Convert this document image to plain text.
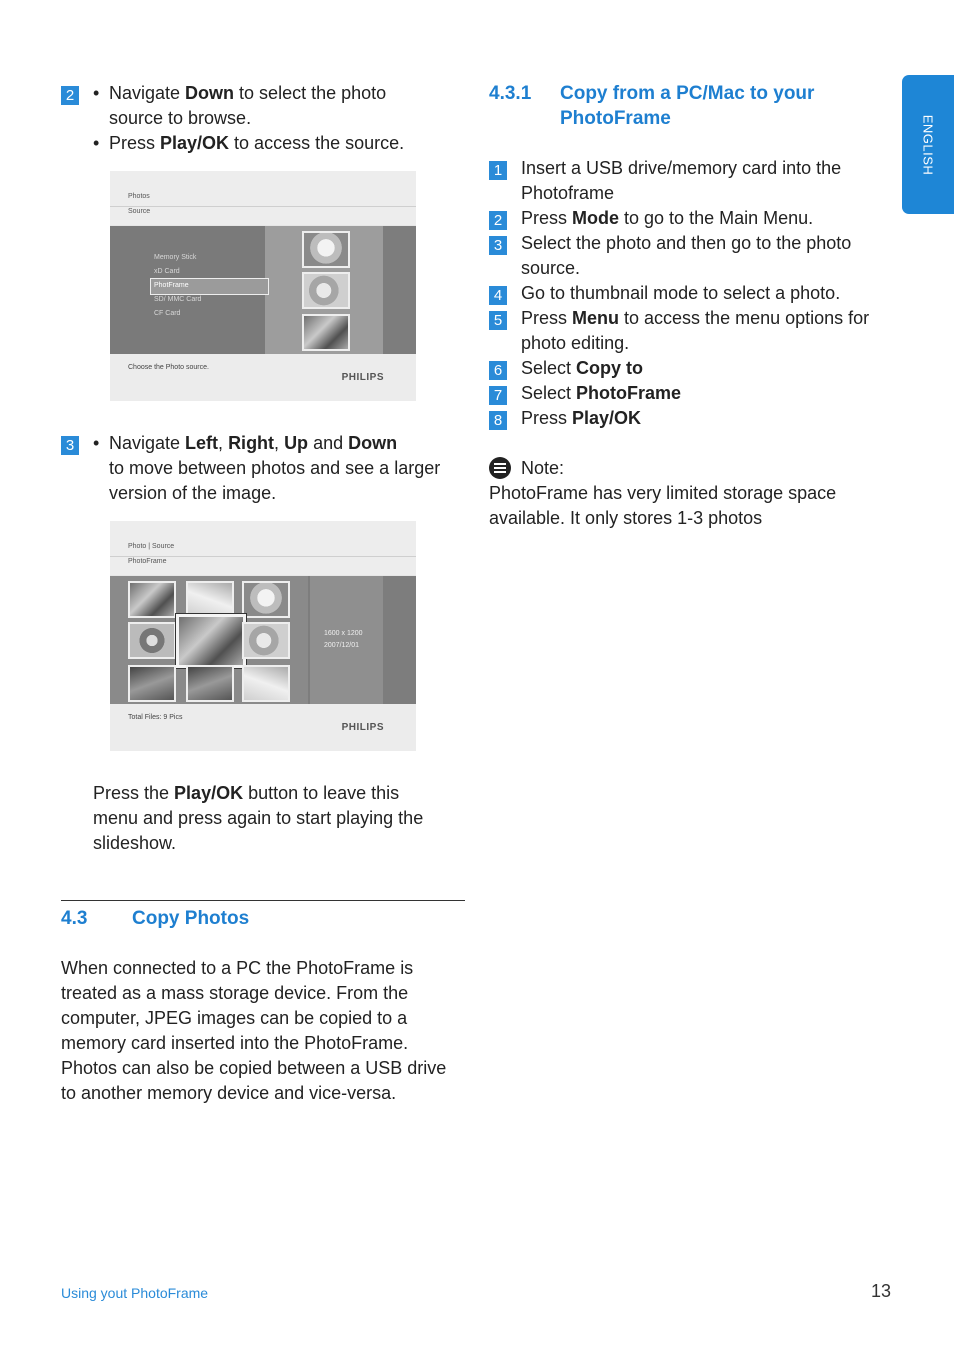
ENGLISH
2 • Navigate Down to select the photo
source to browse.
• Press Play/OK to access the source.
Photos
Source
Memory Stick
xD Card
PhotFrame
SD/ MMC Card
CF Card
Choose the Photo source.
PHILIPS
3 • Navigate Left, Right, Up and Down
to move between photos and see a larger
version of the image.
Photo | Source
PhotoFrame
1600 x 1200
2007/12/01
Total Files: 9 Pics
PHILIPS
Press the Play/OK button to leave this
menu and press again to start playing the
slideshow.
4.3 Copy Photos
When connected to a PC the PhotoFrame is
treated as a mass storage device. From the
computer, JPEG images can be copied to a
memory card inserted into the PhotoFrame.
Photos can also be copied between a USB drive
to another memory device and vice-versa.
4.3.1 Copy from a PC/Mac to your
PhotoFrame
1 Insert a USB drive/memory card into the
Photoframe
2 Press Mode to go to the Main Menu.
3 Select the photo and then go to the photo
source.
4 Go to thumbnail mode to select a photo.
5 Press Menu to access the menu options for
photo editing.
6 Select Copy to
7 Select PhotoFrame
8 Press Play/OK
Note:
PhotoFrame has very limited storage space
available. It only stores 1-3 photos
Using yout PhotoFrame	13
